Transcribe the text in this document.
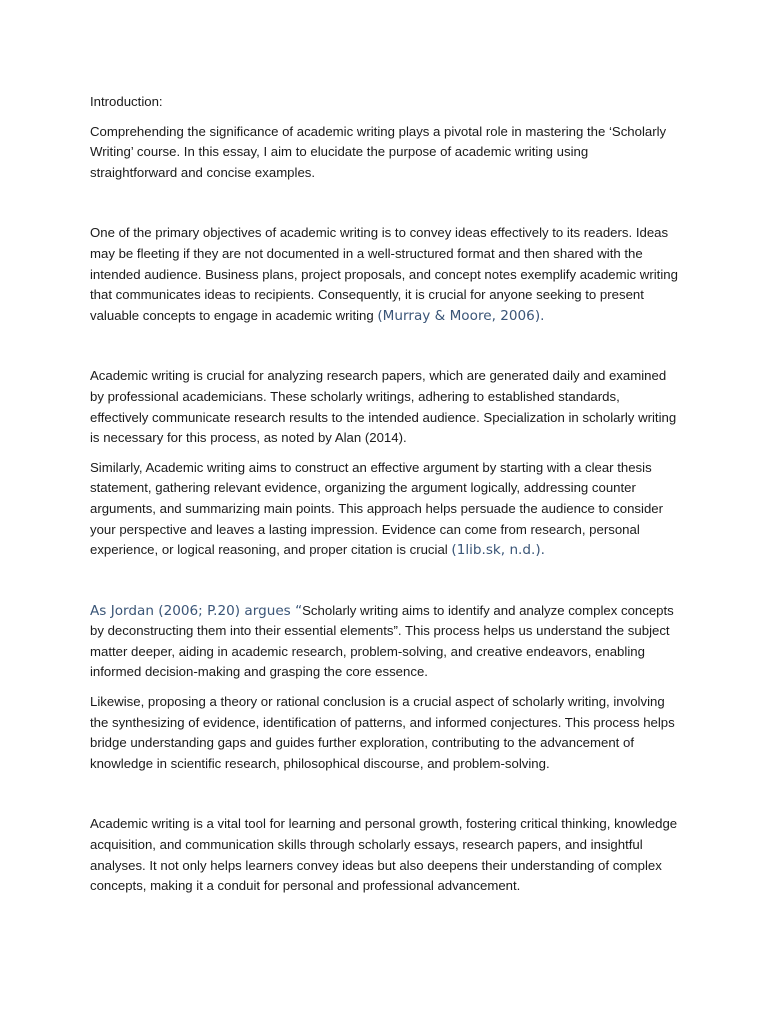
Introduction:

Comprehending the significance of academic writing plays a pivotal role in mastering the ‘Scholarly Writing’ course. In this essay, I aim to elucidate the purpose of academic writing using straightforward and concise examples.

One of the primary objectives of academic writing is to convey ideas effectively to its readers. Ideas may be fleeting if they are not documented in a well-structured format and then shared with the intended audience. Business plans, project proposals, and concept notes exemplify academic writing that communicates ideas to recipients. Consequently, it is crucial for anyone seeking to present valuable concepts to engage in academic writing (Murray & Moore, 2006).

Academic writing is crucial for analyzing research papers, which are generated daily and examined by professional academicians. These scholarly writings, adhering to established standards, effectively communicate research results to the intended audience. Specialization in scholarly writing is necessary for this process, as noted by Alan (2014).

Similarly, Academic writing aims to construct an effective argument by starting with a clear thesis statement, gathering relevant evidence, organizing the argument logically, addressing counter arguments, and summarizing main points. This approach helps persuade the audience to consider your perspective and leaves a lasting impression. Evidence can come from research, personal experience, or logical reasoning, and proper citation is crucial (1lib.sk, n.d.).

As Jordan (2006; P.20) argues “Scholarly writing aims to identify and analyze complex concepts by deconstructing them into their essential elements”. This process helps us understand the subject matter deeper, aiding in academic research, problem-solving, and creative endeavors, enabling informed decision-making and grasping the core essence.

Likewise, proposing a theory or rational conclusion is a crucial aspect of scholarly writing, involving the synthesizing of evidence, identification of patterns, and informed conjectures. This process helps bridge understanding gaps and guides further exploration, contributing to the advancement of knowledge in scientific research, philosophical discourse, and problem-solving.

Academic writing is a vital tool for learning and personal growth, fostering critical thinking, knowledge acquisition, and communication skills through scholarly essays, research papers, and insightful analyses. It not only helps learners convey ideas but also deepens their understanding of complex concepts, making it a conduit for personal and professional advancement.
